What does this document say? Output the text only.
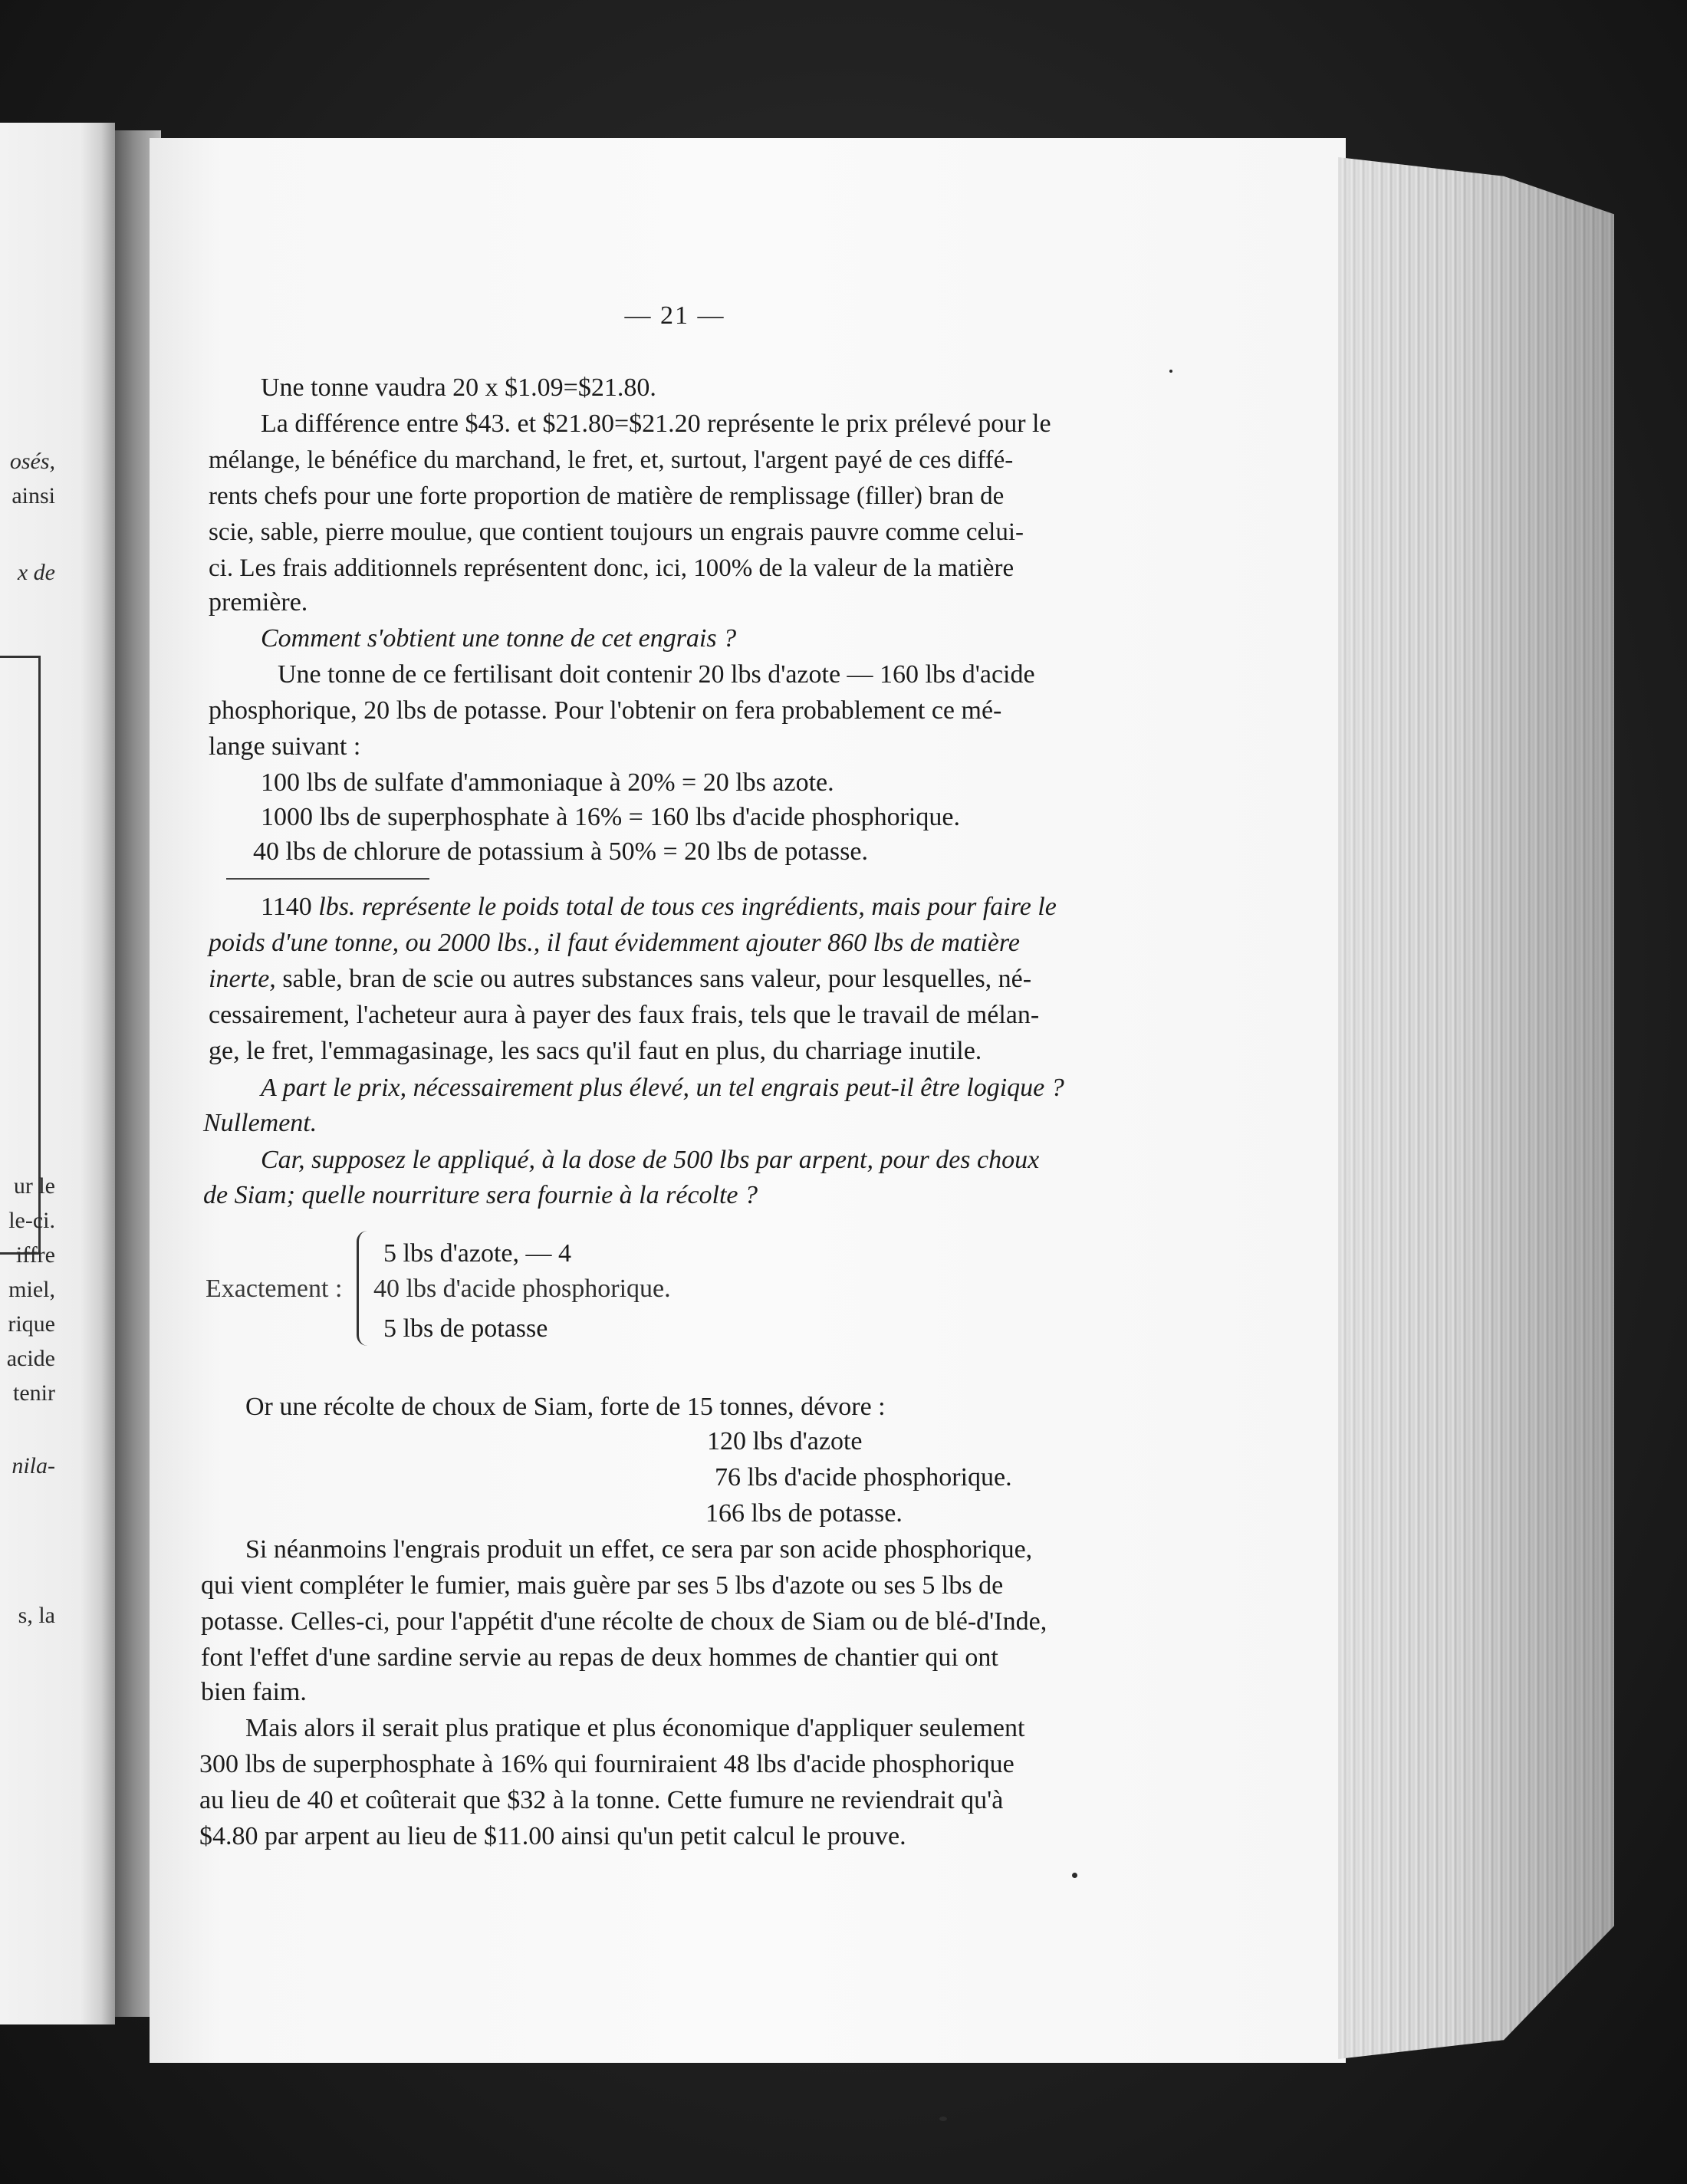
osés,
ainsi
x de
ur le
le-ci.
iffre
miel,
rique
acide
tenir
nila-
s, la
— 21 —
Une tonne vaudra 20 x $1.09=$21.80.
La différence entre $43. et $21.80=$21.20 représente le prix prélevé pour le
mélange, le bénéfice du marchand, le fret, et, surtout, l'argent payé de ces diffé-
rents chefs pour une forte proportion de matière de remplissage (filler) bran de
scie, sable, pierre moulue, que contient toujours un engrais pauvre comme celui-
ci. Les frais additionnels représentent donc, ici, 100% de la valeur de la matière
première.
Comment s'obtient une tonne de cet engrais ?
Une tonne de ce fertilisant doit contenir 20 lbs d'azote — 160 lbs d'acide
phosphorique, 20 lbs de potasse. Pour l'obtenir on fera probablement ce mé-
lange suivant :
100 lbs de sulfate d'ammoniaque à 20% = 20 lbs azote.
1000 lbs de superphosphate à 16% = 160 lbs d'acide phosphorique.
40 lbs de chlorure de potassium à 50% = 20 lbs de potasse.
1140 lbs. représente le poids total de tous ces ingrédients, mais pour faire le
poids d'une tonne, ou 2000 lbs., il faut évidemment ajouter 860 lbs de matière
inerte, sable, bran de scie ou autres substances sans valeur, pour lesquelles, né-
cessairement, l'acheteur aura à payer des faux frais, tels que le travail de mélan-
ge, le fret, l'emmagasinage, les sacs qu'il faut en plus, du charriage inutile.
A part le prix, nécessairement plus élevé, un tel engrais peut-il être logique ?
Nullement.
Car, supposez le appliqué, à la dose de 500 lbs par arpent, pour des choux
de Siam; quelle nourriture sera fournie à la récolte ?
Exactement :
5 lbs d'azote, — 4
40 lbs d'acide phosphorique.
5 lbs de potasse
Or une récolte de choux de Siam, forte de 15 tonnes, dévore :
120 lbs d'azote
76 lbs d'acide phosphorique.
166 lbs de potasse.
Si néanmoins l'engrais produit un effet, ce sera par son acide phosphorique,
qui vient compléter le fumier, mais guère par ses 5 lbs d'azote ou ses 5 lbs de
potasse. Celles-ci, pour l'appétit d'une récolte de choux de Siam ou de blé-d'Inde,
font l'effet d'une sardine servie au repas de deux hommes de chantier qui ont
bien faim.
Mais alors il serait plus pratique et plus économique d'appliquer seulement
300 lbs de superphosphate à 16% qui fourniraient 48 lbs d'acide phosphorique
au lieu de 40 et coûterait que $32 à la tonne. Cette fumure ne reviendrait qu'à
$4.80 par arpent au lieu de $11.00 ainsi qu'un petit calcul le prouve.
